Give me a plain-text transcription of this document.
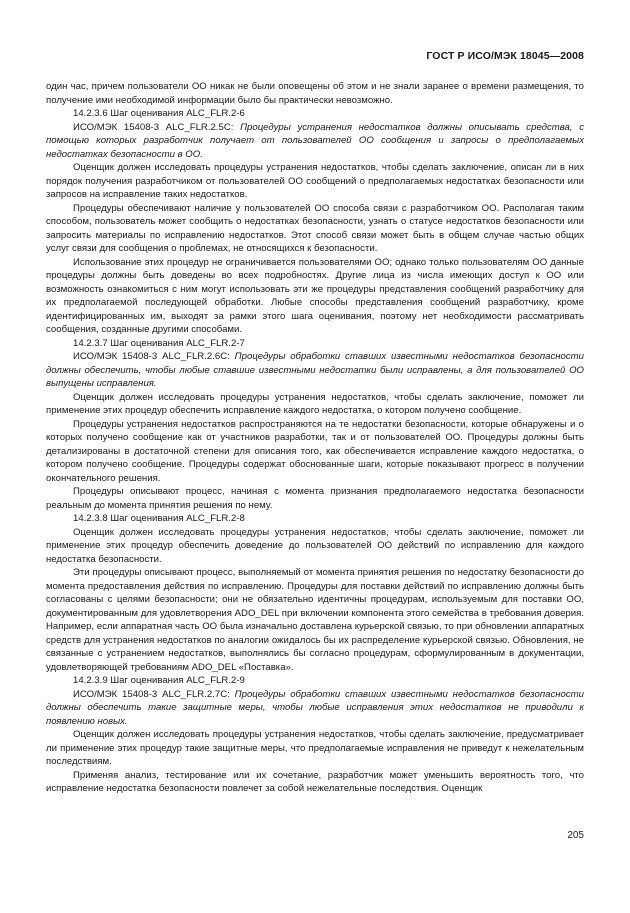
ГОСТ Р ИСО/МЭК 18045—2008

один час, причем пользователи ОО никак не были оповещены об этом и не знали заранее о времени размещения, то получение ими необходимой информации было бы практически невозможно.

14.2.3.6 Шаг оценивания ALC_FLR.2-6

ИСО/МЭК 15408-3 ALC_FLR.2.5С: Процедуры устранения недостатков должны описывать средства, с помощью которых разработчик получает от пользователей ОО сообщения и запросы о предполагаемых недостатках безопасности в ОО.

Оценщик должен исследовать процедуры устранения недостатков, чтобы сделать заключение, описан ли в них порядок получения разработчиком от пользователей ОО сообщений о предполагаемых недостатках безопасности или запросов на исправление таких недостатков.

Процедуры обеспечивают наличие у пользователей ОО способа связи с разработчиком ОО. Располагая таким способом, пользователь может сообщить о недостатках безопасности, узнать о статусе недостатков безопасности или запросить материалы по исправлению недостатков. Этот способ связи может быть в общем случае частью общих услуг связи для сообщения о проблемах, не относящихся к безопасности.

Использование этих процедур не ограничивается пользователями ОО; однако только пользователям ОО данные процедуры должны быть доведены во всех подробностях. Другие лица из числа имеющих доступ к ОО или возможность ознакомиться с ним могут использовать эти же процедуры представления сообщений разработчику для их предполагаемой последующей обработки. Любые способы представления сообщений разработчику, кроме идентифицированных им, выходят за рамки этого шага оценивания, поэтому нет необходимости рассматривать сообщения, созданные другими способами.

14.2.3.7 Шаг оценивания ALC_FLR.2-7

ИСО/МЭК 15408-3 ALC_FLR.2.6С: Процедуры обработки ставших известными недостатков безопасности должны обеспечить, чтобы любые ставшие известными недостатки были исправлены, а для пользователей ОО выпущены исправления.

Оценщик должен исследовать процедуры устранения недостатков, чтобы сделать заключение, поможет ли применение этих процедур обеспечить исправление каждого недостатка, о котором получено сообщение.

Процедуры устранения недостатков распространяются на те недостатки безопасности, которые обнаружены и о которых получено сообщение как от участников разработки, так и от пользователей ОО. Процедуры должны быть детализированы в достаточной степени для описания того, как обеспечивается исправление каждого недостатка, о котором получено сообщение. Процедуры содержат обоснованные шаги, которые показывают прогресс в получении окончательного решения.

Процедуры описывают процесс, начиная с момента признания предполагаемого недостатка безопасности реальным до момента принятия решения по нему.

14.2.3.8 Шаг оценивания ALC_FLR.2-8

Оценщик должен исследовать процедуры устранения недостатков, чтобы сделать заключение, поможет ли применение этих процедур обеспечить доведение до пользователей ОО действий по исправлению для каждого недостатка безопасности.

Эти процедуры описывают процесс, выполняемый от момента принятия решения по недостатку безопасности до момента предоставления действия по исправлению. Процедуры для поставки действий по исправлению должны быть согласованы с целями безопасности; они не обязательно идентичны процедурам, используемым для поставки ОО, документированным для удовлетворения ADO_DEL при включении компонента этого семейства в требования доверия. Например, если аппаратная часть ОО была изначально доставлена курьерской связью, то при обновлении аппаратных средств для устранения недостатков по аналогии ожидалось бы их распределение курьерской связью. Обновления, не связанные с устранением недостатков, выполнялись бы согласно процедурам, сформулированным в документации, удовлетворяющей требованиям ADO_DEL «Поставка».

14.2.3.9 Шаг оценивания ALC_FLR.2-9

ИСО/МЭК 15408-3 ALC_FLR.2.7С: Процедуры обработки ставших известными недостатков безопасности должны обеспечить такие защитные меры, чтобы любые исправления этих недостатков не приводили к появлению новых.

Оценщик должен исследовать процедуры устранения недостатков, чтобы сделать заключение, предусматривает ли применение этих процедур такие защитные меры, что предполагаемые исправления не приведут к нежелательным последствиям.

Применяя анализ, тестирование или их сочетание, разработчик может уменьшить вероятность того, что исправление недостатка безопасности повлечет за собой нежелательные последствия. Оценщик

205
